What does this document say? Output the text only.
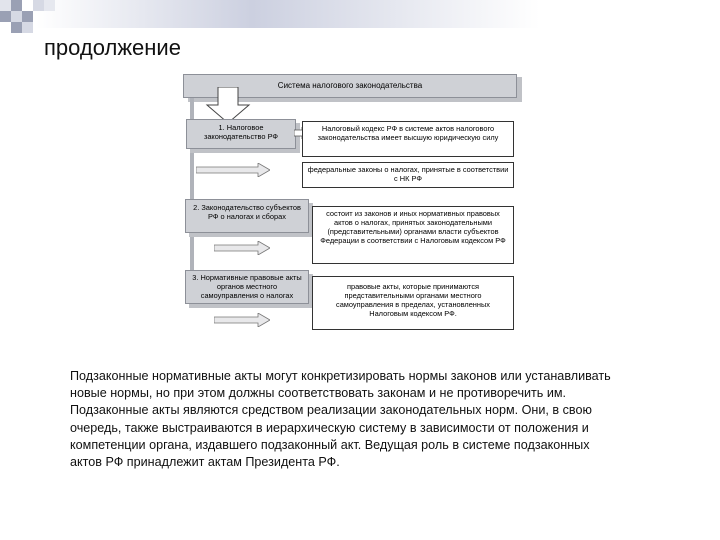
продолжение
Система налогового законодательства
1. Налоговое законодательство РФ
Налоговый кодекс РФ в системе актов налогового законодательства имеет высшую юридическую силу
федеральные законы о налогах, принятые в соответствии с НК РФ
2. Законодательство субъектов РФ о налогах и сборах	состоит из законов и иных нормативных правовых актов о налогах, принятых законодательными (представительными) органами власти субъектов Федерации в соответствии с Налоговым кодексом РФ
3. Нормативные правовые акты органов местного самоуправления о налогах
правовые акты, которые принимаются представительными органами местного самоуправления в пределах, установленных Налоговым кодексом РФ.
Подзаконные нормативные акты могут конкретизировать нормы законов или устанавливать
новые нормы, но при этом должны соответствовать законам и не противоречить им.
Подзаконные акты являются средством реализации законодательных норм. Они, в свою
очередь, также выстраиваются в иерархическую систему в зависимости от положения и
компетенции органа, издавшего подзаконный акт. Ведущая роль в системе подзаконных
актов РФ принадлежит актам Президента РФ.
